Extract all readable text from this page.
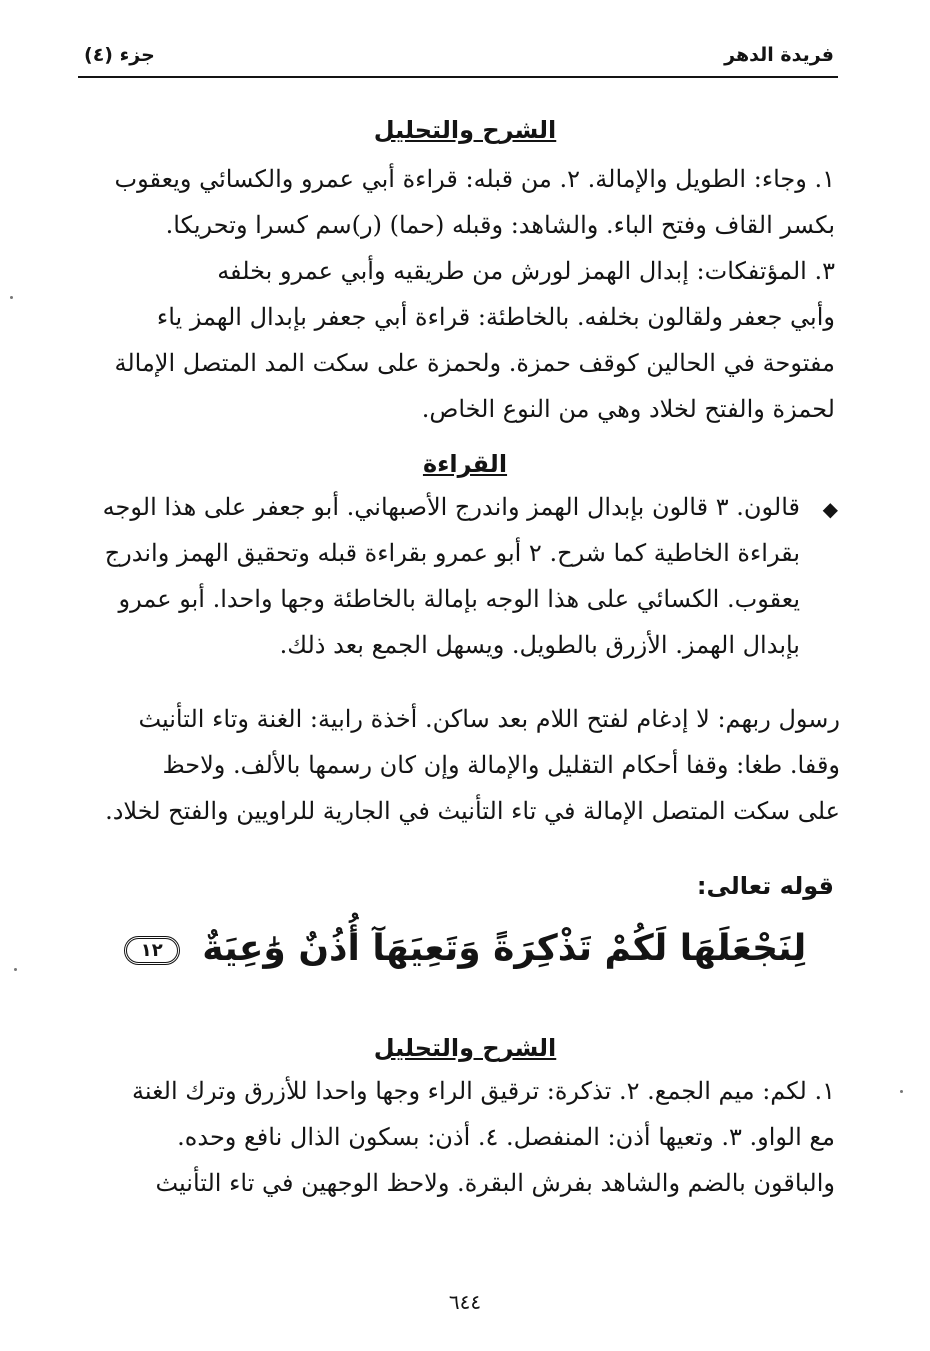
جزء (٤)	فريدة الدهر
الشرح والتحليل
١. وجاء: الطويل والإمالة. ٢. من قبله: قراءة أبي عمرو والكسائي ويعقوب
بكسر القاف وفتح الباء. والشاهد: وقبله (حما) (ر)سم كسرا وتحريكا.
٣. المؤتفكات: إبدال الهمز لورش من طريقيه وأبي عمرو بخلفه
وأبي جعفر ولقالون بخلفه. بالخاطئة: قراءة أبي جعفر بإبدال الهمز ياء
مفتوحة في الحالين كوقف حمزة. ولحمزة على سكت المد المتصل الإمالة
لحمزة والفتح لخلاد وهي من النوع الخاص.
القراءة
◆
قالون. ٣ قالون بإبدال الهمز واندرج الأصبهاني. أبو جعفر على هذا الوجه
بقراءة الخاطية كما شرح. ٢ أبو عمرو بقراءة قبله وتحقيق الهمز واندرج
يعقوب. الكسائي على هذا الوجه بإمالة بالخاطئة وجها واحدا. أبو عمرو
بإبدال الهمز. الأزرق بالطويل. ويسهل الجمع بعد ذلك.
رسول ربهم: لا إدغام لفتح اللام بعد ساكن. أخذة رابية: الغنة وتاء التأنيث
وقفا. طغا: وقفا أحكام التقليل والإمالة وإن كان رسمها بالألف. ولاحظ
على سكت المتصل الإمالة في تاء التأنيث في الجارية للراويين والفتح لخلاد.
قوله تعالى:
لِنَجْعَلَهَا لَكُمْ تَذْكِرَةً وَتَعِيَهَآ أُذُنٌ وَٰعِيَةٌ ١٢
الشرح والتحليل
١. لكم: ميم الجمع. ٢. تذكرة: ترقيق الراء وجها واحدا للأزرق وترك الغنة
مع الواو. ٣. وتعيها أذن: المنفصل. ٤. أذن: بسكون الذال نافع وحده.
والباقون بالضم والشاهد بفرش البقرة. ولاحظ الوجهين في تاء التأنيث
٦٤٤
